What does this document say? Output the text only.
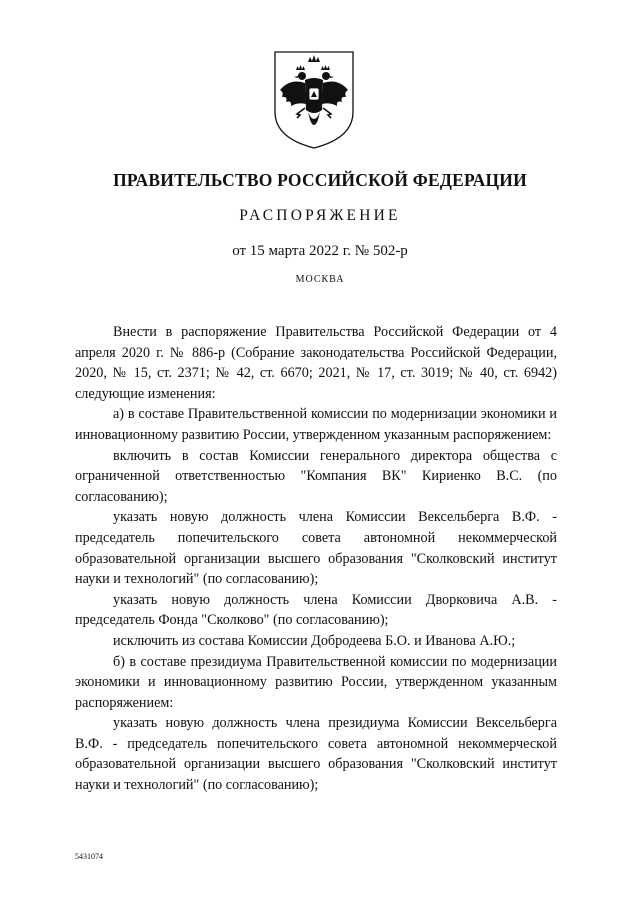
ПРАВИТЕЛЬСТВО РОССИЙСКОЙ ФЕДЕРАЦИИ
РАСПОРЯЖЕНИЕ
от 15 марта 2022 г. № 502-р
МОСКВА

Внести в распоряжение Правительства Российской Федерации от 4 апреля 2020 г. № 886-р (Собрание законодательства Российской Федерации, 2020, № 15, ст. 2371; № 42, ст. 6670; 2021, № 17, ст. 3019; № 40, ст. 6942) следующие изменения:

а) в составе Правительственной комиссии по модернизации экономики и инновационному развитию России, утвержденном указанным распоряжением:

включить в состав Комиссии генерального директора общества с ограниченной ответственностью "Компания ВК" Кириенко В.С. (по согласованию);

указать новую должность члена Комиссии Вексельберга В.Ф. - председатель попечительского совета автономной некоммерческой образовательной организации высшего образования "Сколковский институт науки и технологий" (по согласованию);

указать новую должность члена Комиссии Дворковича А.В. - председатель Фонда "Сколково" (по согласованию);

исключить из состава Комиссии Добродеева Б.О. и Иванова А.Ю.;

б) в составе президиума Правительственной комиссии по модернизации экономики и инновационному развитию России, утвержденном указанным распоряжением:

указать новую должность члена президиума Комиссии Вексельберга В.Ф. - председатель попечительского совета автономной некоммерческой образовательной организации высшего образования "Сколковский институт науки и технологий" (по согласованию);

5431074
